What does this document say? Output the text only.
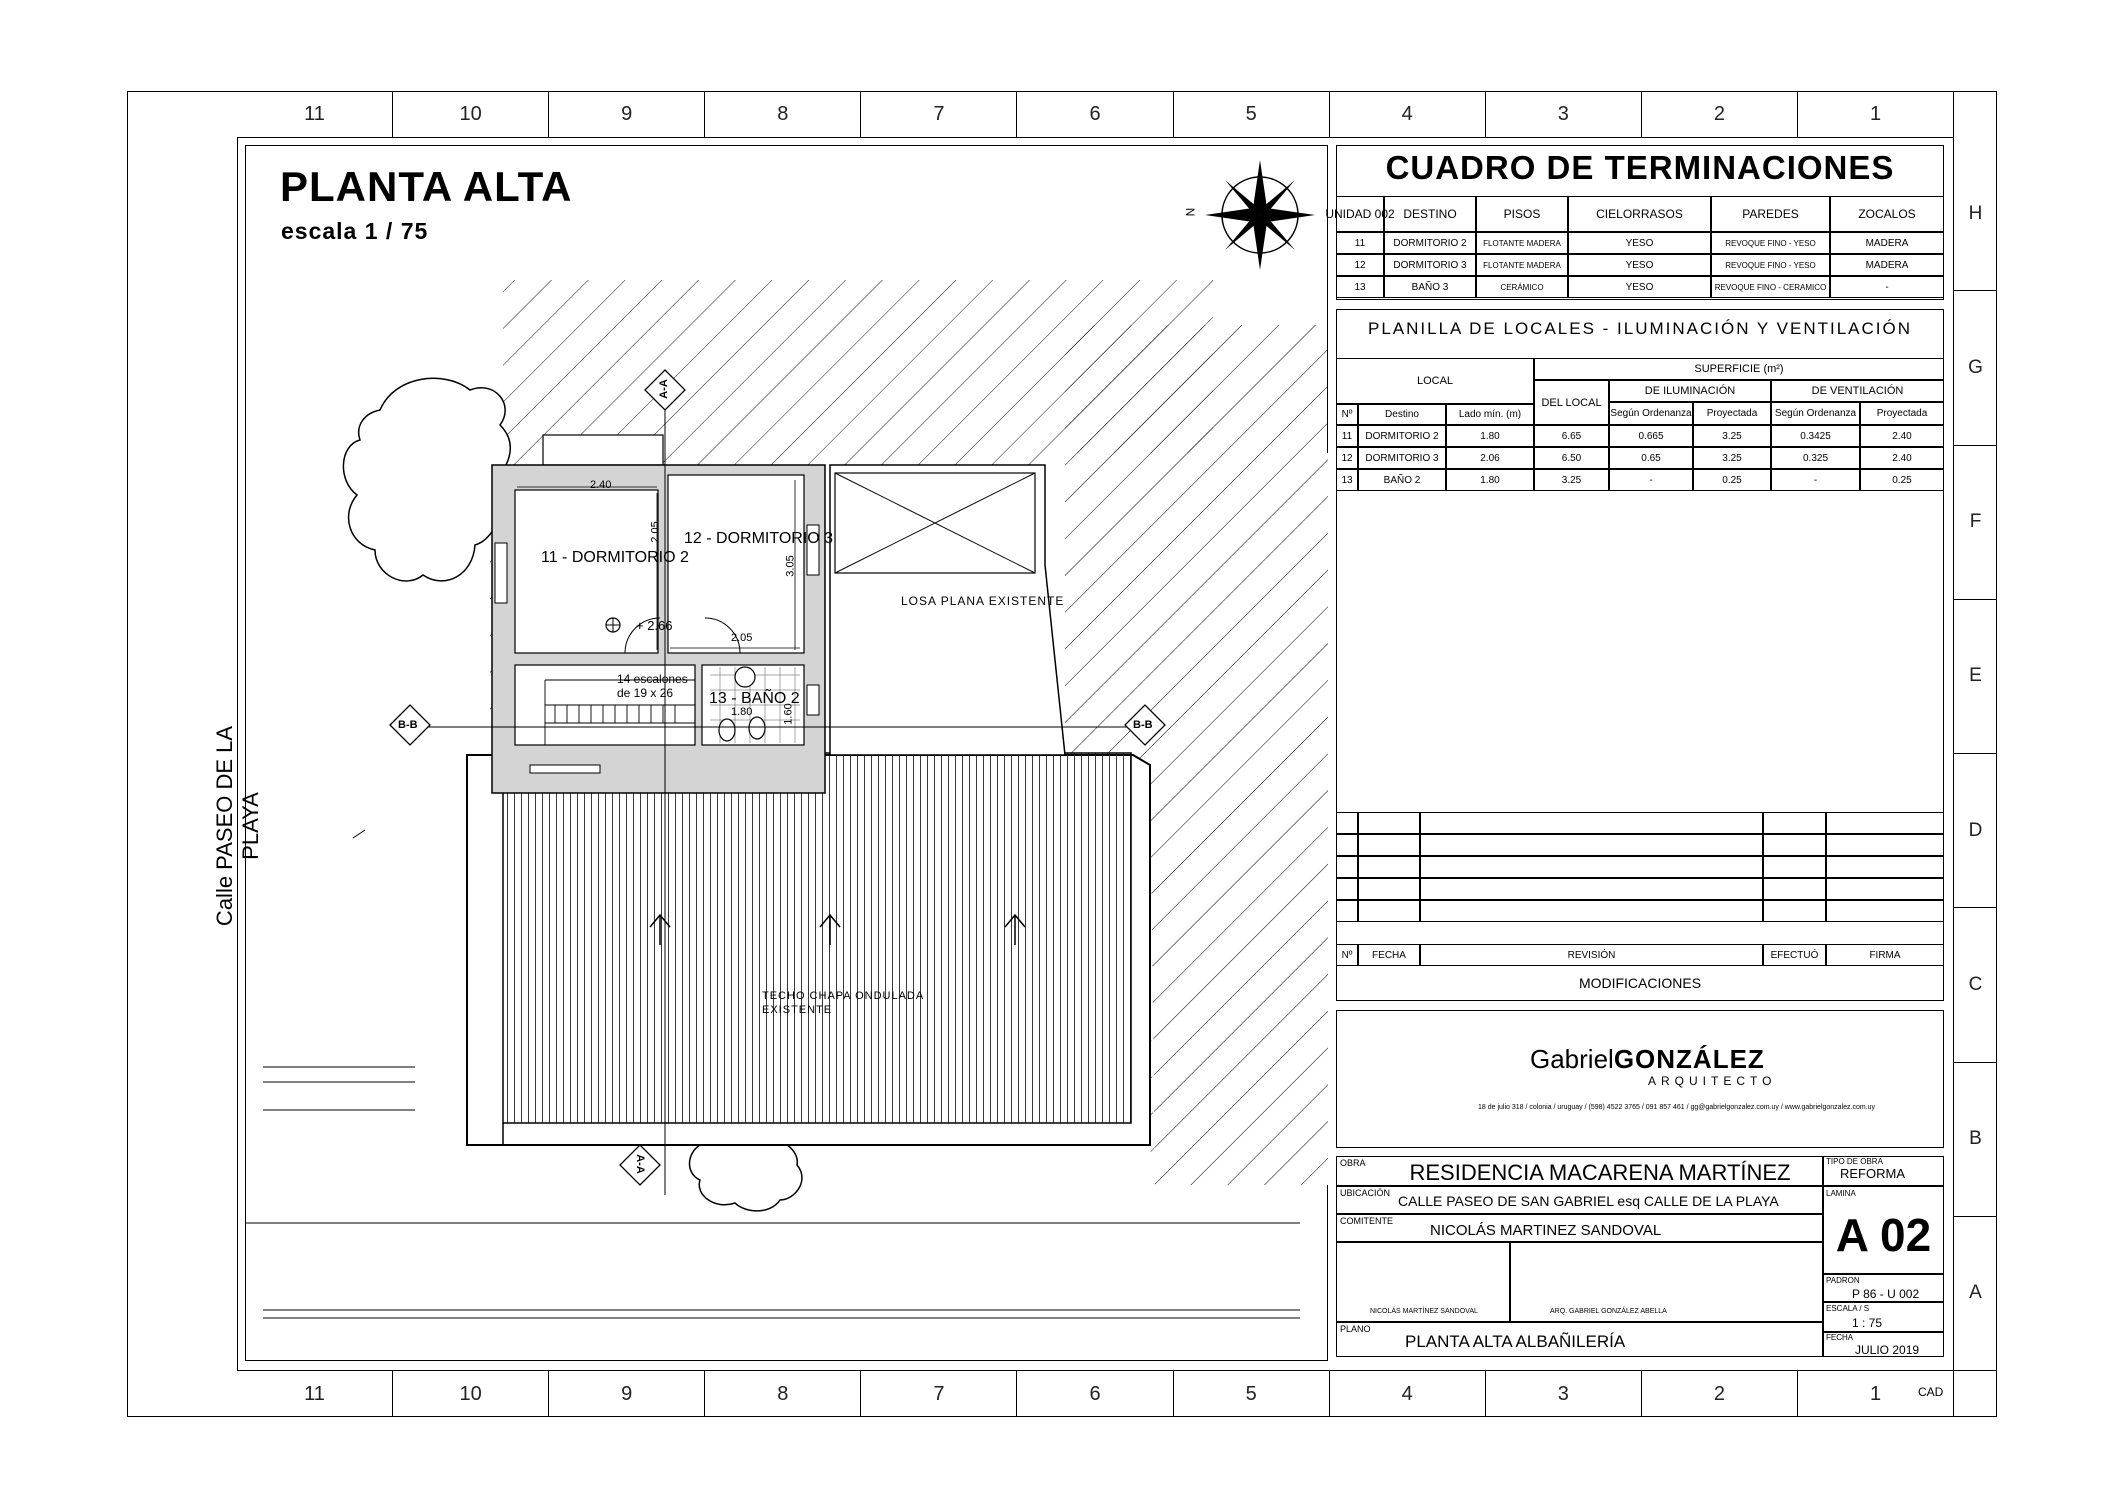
11	10	9	8	7	6	5	4	3	2	1
11	10	9	8	7	6	5	4	3	2	1
H
G
F
E
D
C
B
A
CAD
PLANTA ALTA
escala 1 / 75
11 - DORMITORIO 2
12 - DORMITORIO 3
13 - BAÑO 2
LOSA PLANA EXISTENTE
TECHO CHAPA ONDULADA
EXISTENTE
14 escalones
de 19 x 26
+ 2.66
2.40
2.05
3.05
2.05
1.80	1.60
B-B	B-B
A-A
A-A
N
Calle PASEO DE LA PLAYA
CUADRO DE TERMINACIONES
UNIDAD 002 DESTINO	PISOS	CIELORRASOS	PAREDES	ZOCALOS
11	DORMITORIO 2	FLOTANTE MADERA	YESO	REVOQUE FINO - YESO	MADERA
12	DORMITORIO 3	FLOTANTE MADERA	YESO	REVOQUE FINO - YESO	MADERA
13	BAÑO 3	CERÁMICO	YESO	REVOQUE FINO - CERAMICO	-
PLANILLA DE LOCALES - ILUMINACIÓN Y VENTILACIÓN
LOCAL
SUPERFICIE (m²)
DEL LOCAL
DE ILUMINACIÓN	DE VENTILACIÓN
Nº	Destino	Lado mín. (m)	Según Ordenanza	Proyectada	Según Ordenanza	Proyectada
11	DORMITORIO 2	1.80	6.65	0.665	3.25	0.3425	2.40
12	DORMITORIO 3	2.06	6.50	0.65	3.25	0.325	2.40
13	BAÑO 2	1.80	3.25	-	0.25	-	0.25
Nº	FECHA	REVISIÓN	EFECTUÓ	FIRMA
MODIFICACIONES
GabrielGONZÁLEZ
ARQUITECTO
18 de julio 318 / colonia / uruguay / (598) 4522 3765 / 091 857 461 / gg@gabrielgonzalez.com.uy / www.gabrielgonzalez.com.uy
OBRA	RESIDENCIA MACARENA MARTÍNEZ	TIPO DE OBRA
REFORMA
UBICACIÓN CALLE PASEO DE SAN GABRIEL esq CALLE DE LA PLAYA
COMITENTE
NICOLÁS MARTINEZ SANDOVAL
NICOLÁS MARTÍNEZ SANDOVAL	ARQ. GABRIEL GONZÁLEZ ABELLA
PLANO
PLANTA ALTA ALBAÑILERÍA
LAMINA
A 02
PADRON
P 86 - U 002
ESCALA / S
1 : 75
FECHA
JULIO 2019
